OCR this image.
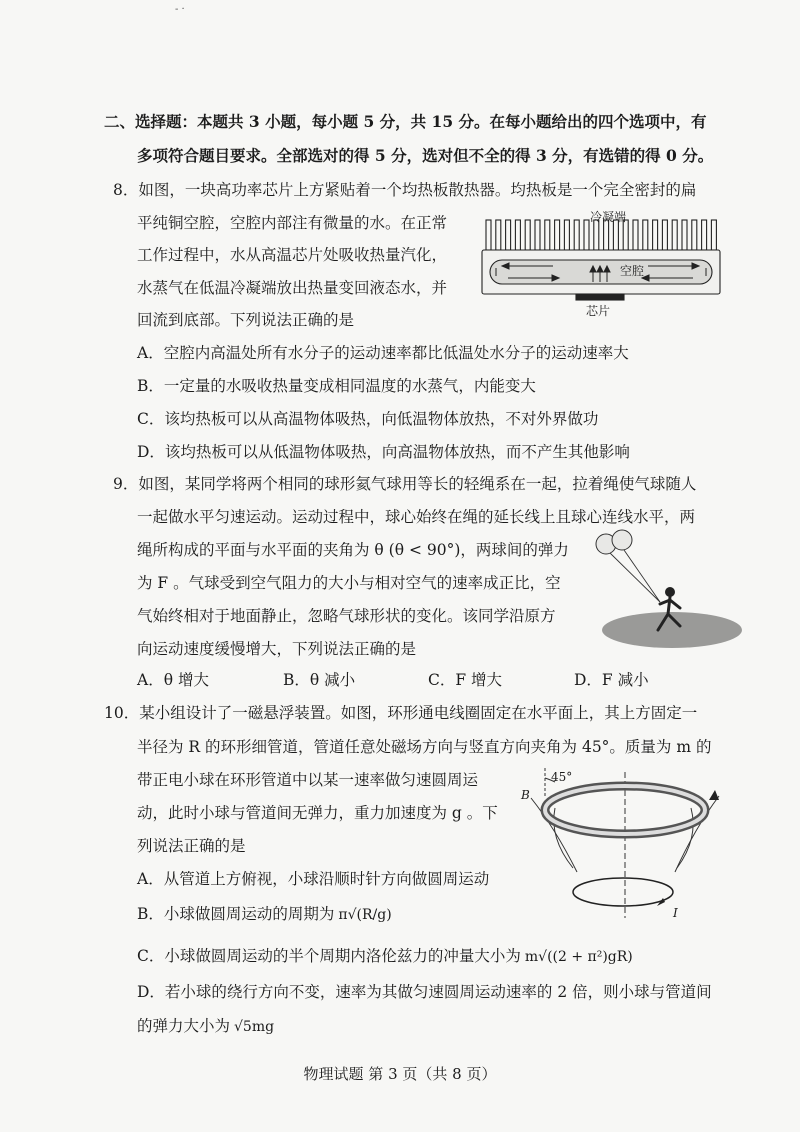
- ·
二、选择题：本题共 3 小题，每小题 5 分，共 15 分。在每小题给出的四个选项中，有
多项符合题目要求。全部选对的得 5 分，选对但不全的得 3 分，有选错的得 0 分。
8．如图，一块高功率芯片上方紧贴着一个均热板散热器。均热板是一个完全密封的扁
平纯铜空腔，空腔内部注有微量的水。在正常
工作过程中，水从高温芯片处吸收热量汽化，
水蒸气在低温冷凝端放出热量变回液态水，并
回流到底部。下列说法正确的是
冷凝端
空腔
芯片
A．空腔内高温处所有水分子的运动速率都比低温处水分子的运动速率大
B．一定量的水吸收热量变成相同温度的水蒸气，内能变大
C．该均热板可以从高温物体吸热，向低温物体放热，不对外界做功
D．该均热板可以从低温物体吸热，向高温物体放热，而不产生其他影响
9．如图，某同学将两个相同的球形氦气球用等长的轻绳系在一起，拉着绳使气球随人
一起做水平匀速运动。运动过程中，球心始终在绳的延长线上且球心连线水平，两
绳所构成的平面与水平面的夹角为 θ (θ < 90°)，两球间的弹力
为 F 。气球受到空气阻力的大小与相对空气的速率成正比，空
气始终相对于地面静止，忽略气球形状的变化。该同学沿原方
向运动速度缓慢增大，下列说法正确的是
A．θ 增大	B．θ 减小	C．F 增大	D．F 减小
10．某小组设计了一磁悬浮装置。如图，环形通电线圈固定在水平面上，其上方固定一
半径为 R 的环形细管道，管道任意处磁场方向与竖直方向夹角为 45°。质量为 m 的
带正电小球在环形管道中以某一速率做匀速圆周运
动，此时小球与管道间无弹力，重力加速度为 g 。下
列说法正确的是
45°
B
I
A．从管道上方俯视，小球沿顺时针方向做圆周运动
B．小球做圆周运动的周期为 π√(R/g)
C．小球做圆周运动的半个周期内洛伦兹力的冲量大小为 m√((2 + π²)gR)
D．若小球的绕行方向不变，速率为其做匀速圆周运动速率的 2 倍，则小球与管道间
的弹力大小为 √5mg
物理试题 第 3 页（共 8 页）
